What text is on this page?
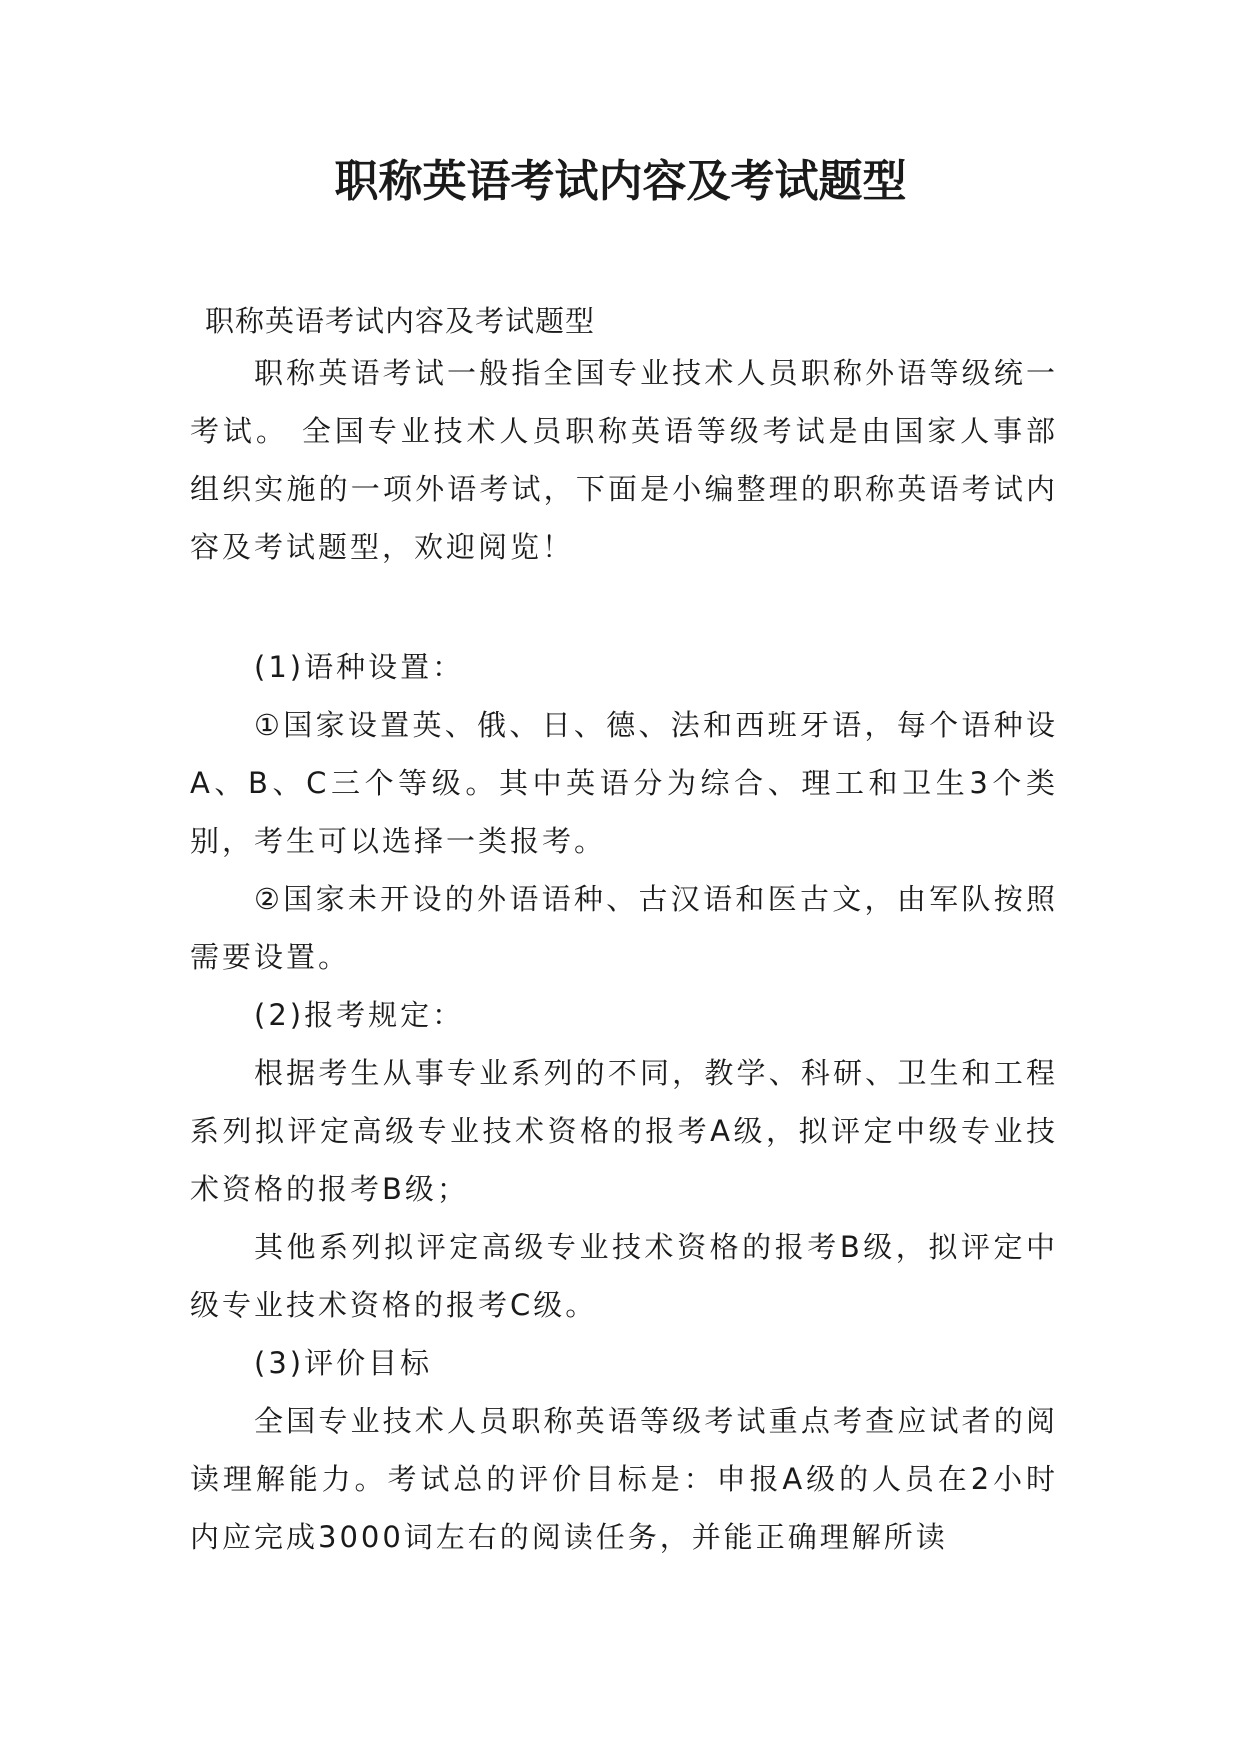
职称英语考试内容及考试题型

职称英语考试内容及考试题型

职称英语考试一般指全国专业技术人员职称外语等级统一考试。 全国专业技术人员职称英语等级考试是由国家人事部组织实施的一项外语考试，下面是小编整理的职称英语考试内容及考试题型，欢迎阅览！

(1)语种设置：

①国家设置英、俄、日、德、法和西班牙语，每个语种设A、B、C三个等级。其中英语分为综合、理工和卫生3个类别，考生可以选择一类报考。

②国家未开设的外语语种、古汉语和医古文，由军队按照需要设置。

(2)报考规定：

根据考生从事专业系列的不同，教学、科研、卫生和工程系列拟评定高级专业技术资格的报考A级，拟评定中级专业技术资格的报考B级；

其他系列拟评定高级专业技术资格的报考B级，拟评定中级专业技术资格的报考C级。

(3)评价目标

全国专业技术人员职称英语等级考试重点考查应试者的阅读理解能力。考试总的评价目标是：申报A级的人员在2小时内应完成3000词左右的阅读任务，并能正确理解所读
